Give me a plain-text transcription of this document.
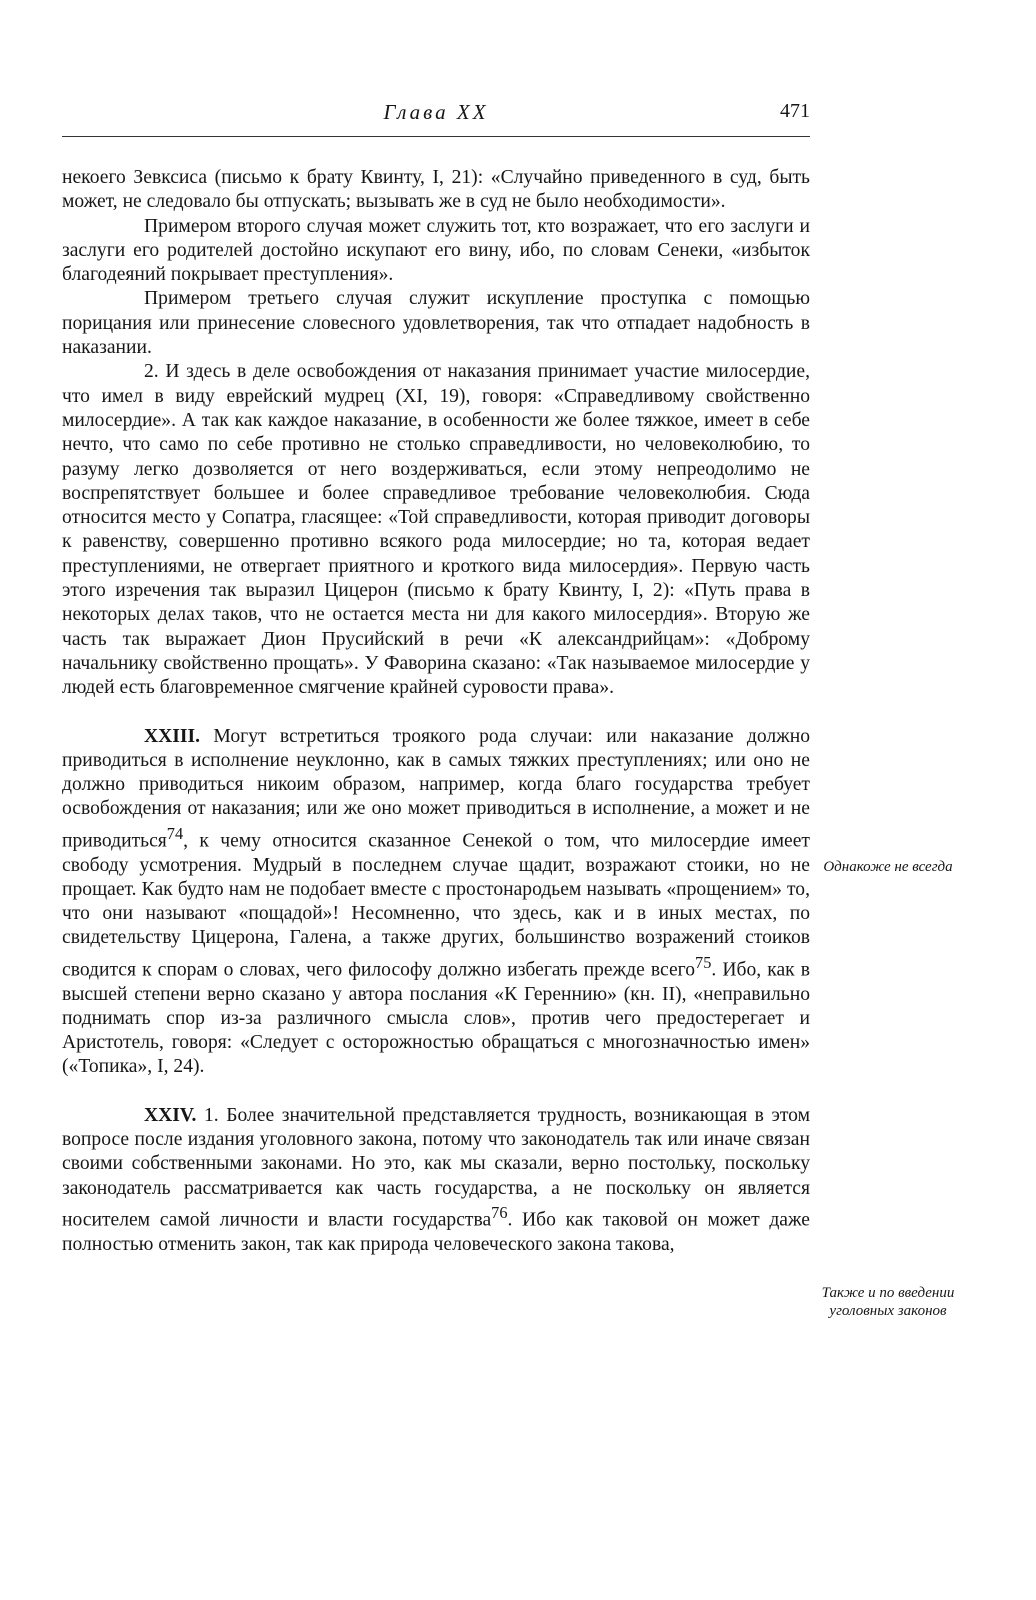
Глава XX	471

некоего Зевксиса (письмо к брату Квинту, I, 21): «Случайно приведенного в суд, быть может, не следовало бы отпускать; вызывать же в суд не было необходимости».

Примером второго случая может служить тот, кто возражает, что его заслуги и заслуги его родителей достойно искупают его вину, ибо, по словам Сенеки, «избыток благодеяний покрывает преступления».

Примером третьего случая служит искупление проступка с помощью порицания или принесение словесного удовлетворения, так что отпадает надобность в наказании.

2. И здесь в деле освобождения от наказания принимает участие милосердие, что имел в виду еврейский мудрец (XI, 19), говоря: «Справедливому свойственно милосердие». А так как каждое наказание, в особенности же более тяжкое, имеет в себе нечто, что само по себе противно не столько справедливости, но человеколюбию, то разуму легко дозволяется от него воздерживаться, если этому непреодолимо не воспрепятствует большее и более справедливое требование человеколюбия. Сюда относится место у Сопатра, гласящее: «Той справедливости, которая приводит договоры к равенству, совершенно противно всякого рода милосердие; но та, которая ведает преступлениями, не отвергает приятного и кроткого вида милосердия». Первую часть этого изречения так выразил Цицерон (письмо к брату Квинту, I, 2): «Путь права в некоторых делах таков, что не остается места ни для какого милосердия». Вторую же часть так выражает Дион Прусийский в речи «К александрийцам»: «Доброму начальнику свойственно прощать». У Фаворина сказано: «Так называемое милосердие у людей есть благовременное смягчение крайней суровости права».

XXIII. Могут встретиться трoякого рода случаи: или наказание должно приводиться в исполнение неуклонно, как в самых тяжких преступлениях; или оно не должно приводиться никоим образом, например, когда благо государства требует освобождения от наказания; или же оно может приводиться в исполнение, а может и не приводиться$^{74}$, к чему относится сказанное Сенекой о том, что милосердие имеет свободу усмотрения. Мудрый в последнем случае щадит, возражают стоики, но не прощает. Как будто нам не подобает вместе с простонародьем называть «прощением» то, что они называют «пощадой»! Несомненно, что здесь, как и в иных местах, по свидетельству Цицерона, Галена, а также других, большинство возражений стоиков сводится к спорам о словах, чего философу должно избегать прежде всего$^{75}$. Ибо, как в высшей степени верно сказано у автора послания «К Гереннию» (кн. II), «неправильно поднимать спор из-за различного смысла слов», против чего предостерегает и Аристотель, говоря: «Следует с осторожностью обращаться с многозначностью имен» («Топика», I, 24).

XXIV. 1. Более значительной представляется трудность, возникающая в этом вопросе после издания уголовного закона, потому что законодатель так или иначе связан своими собственными законами. Но это, как мы сказали, верно постольку, поскольку законодатель рассматривается как часть государства, а не поскольку он является носителем самой личности и власти государства$^{76}$. Ибо как таковой он может даже полностью отменить закон, так как природа человеческого закона такова,

Однакоже не всегда
Также и по введении уголовных законов
